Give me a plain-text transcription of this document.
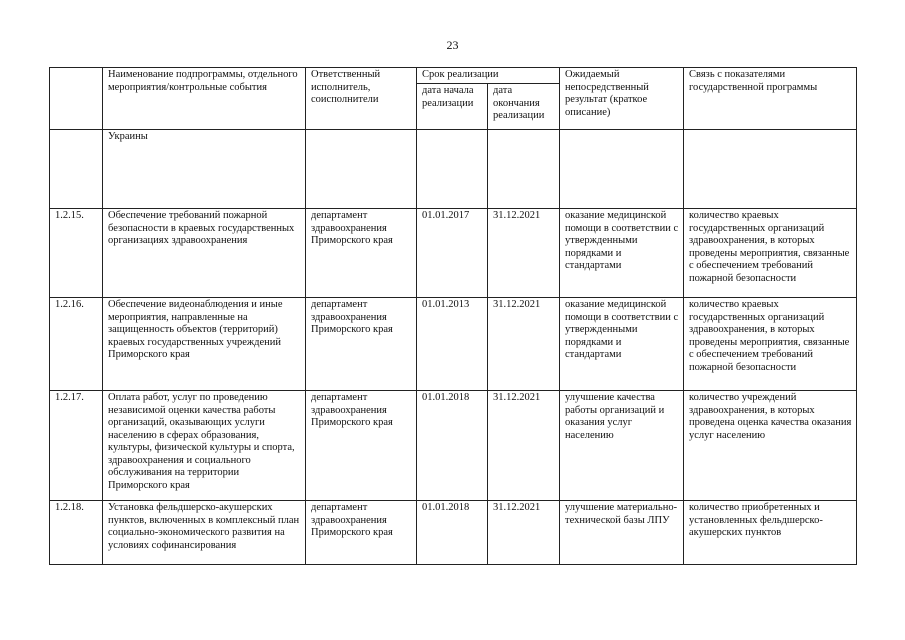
23
	Наименование подпрограммы, отдельного мероприятия/контрольные события	Ответственный исполнитель, соисполнители	Срок реализации		Ожидаемый непосредственный результат (краткое описание)	Связь с показателями государственной программы
			дата начала реализации	дата окончания реализации		
	Украины					
1.2.15.	Обеспечение требований пожарной безопасности в краевых государственных организациях здравоохранения	департамент здравоохранения Приморского края	01.01.2017	31.12.2021	оказание медицинской помощи в соответствии с утвержденными порядками и стандартами	количество краевых государственных организаций здравоохранения, в которых проведены мероприятия, связанные с обеспечением требований пожарной безопасности
1.2.16.	Обеспечение видеонаблюдения и иные мероприятия, направленные на защищенность объектов (территорий) краевых государственных учреждений Приморского края	департамент здравоохранения Приморского края	01.01.2013	31.12.2021	оказание медицинской помощи в соответствии с утвержденными порядками и стандартами	количество краевых государственных организаций здравоохранения, в которых проведены мероприятия, связанные с обеспечением требований пожарной безопасности
1.2.17.	Оплата работ, услуг по проведению независимой оценки качества работы организаций, оказывающих услуги населению в сферах образования, культуры, физической культуры и спорта, здравоохранения и социального обслуживания на территории Приморского края	департамент здравоохранения Приморского края	01.01.2018	31.12.2021	улучшение качества работы организаций и оказания услуг населению	количество учреждений здравоохранения, в которых проведена оценка качества оказания услуг населению
1.2.18.	Установка фельдшерско-акушерских пунктов, включенных в комплексный план социально-экономического развития на условиях софинансирования	департамент здравоохранения Приморского края	01.01.2018	31.12.2021	улучшение материально-технической базы ЛПУ	количество приобретенных и установленных фельдшерско-акушерских пунктов
